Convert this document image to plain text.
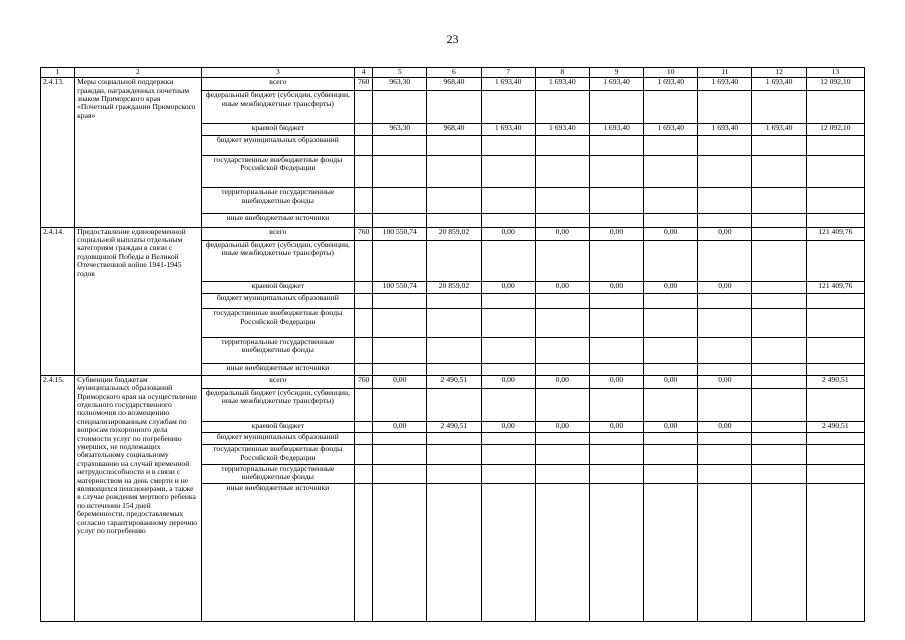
23
1	2	3	4	5	6	7	8	9	10	11	12	13
2.4.13.	Меры социальной поддержки граждан, награжденных почетным знаком Приморского края «Почетный гражданин Приморского края»	всего	760	963,30	968,40	1 693,40	1 693,40	1 693,40	1 693,40	1 693,40	1 693,40	12 092,10
		федеральный бюджет (субсидии, субвенции, иные межбюджетные трансферты)										
		краевой бюджет		963,30	968,40	1 693,40	1 693,40	1 693,40	1 693,40	1 693,40	1 693,40	12 092,10
		бюджет муниципальных образований										
		государственные внебюджетные фонды Российской Федерации										
		территориальные государственные внебюджетные фонды										
		иные внебюджетные источники										
2.4.14.	Предоставление единовременной социальной выплаты отдельным категориям граждан в связи с годовщиной Победы в Великой Отечественной войне 1941-1945 годов	всего	760	100 550,74	20 859,02	0,00	0,00	0,00	0,00	0,00		121 409,76
		федеральный бюджет (субсидии, субвенции, иные межбюджетные трансферты)										
		краевой бюджет		100 550,74	20 859,02	0,00	0,00	0,00	0,00	0,00		121 409,76
		бюджет муниципальных образований										
		государственные внебюджетные фонды Российской Федерации										
		территориальные государственные внебюджетные фонды										
		иные внебюджетные источники										
2.4.15.	Субвенции бюджетам муниципальных образований Приморского края на осуществление отдельного государственного полномочия по возмещению специализированным службам по вопросам похоронного дела стоимости услуг по погребению умерших, не подлежащих обязательному социальному страхованию на случай временной нетрудоспособности и в связи с материнством на день смерти и не являющихся пенсионерами, а также в случае рождения мертвого ребенка по истечении 154 дней беременности, предоставляемых согласно гарантированному перечню услуг по погребению	всего	760	0,00	2 490,51	0,00	0,00	0,00	0,00	0,00		2 490,51
		федеральный бюджет (субсидии, субвенции, иные межбюджетные трансферты)										
		краевой бюджет		0,00	2 490,51	0,00	0,00	0,00	0,00	0,00		2 490,51
		бюджет муниципальных образований										
		государственные внебюджетные фонды Российской Федерации										
		территориальные государственные внебюджетные фонды										
		иные внебюджетные источники										
